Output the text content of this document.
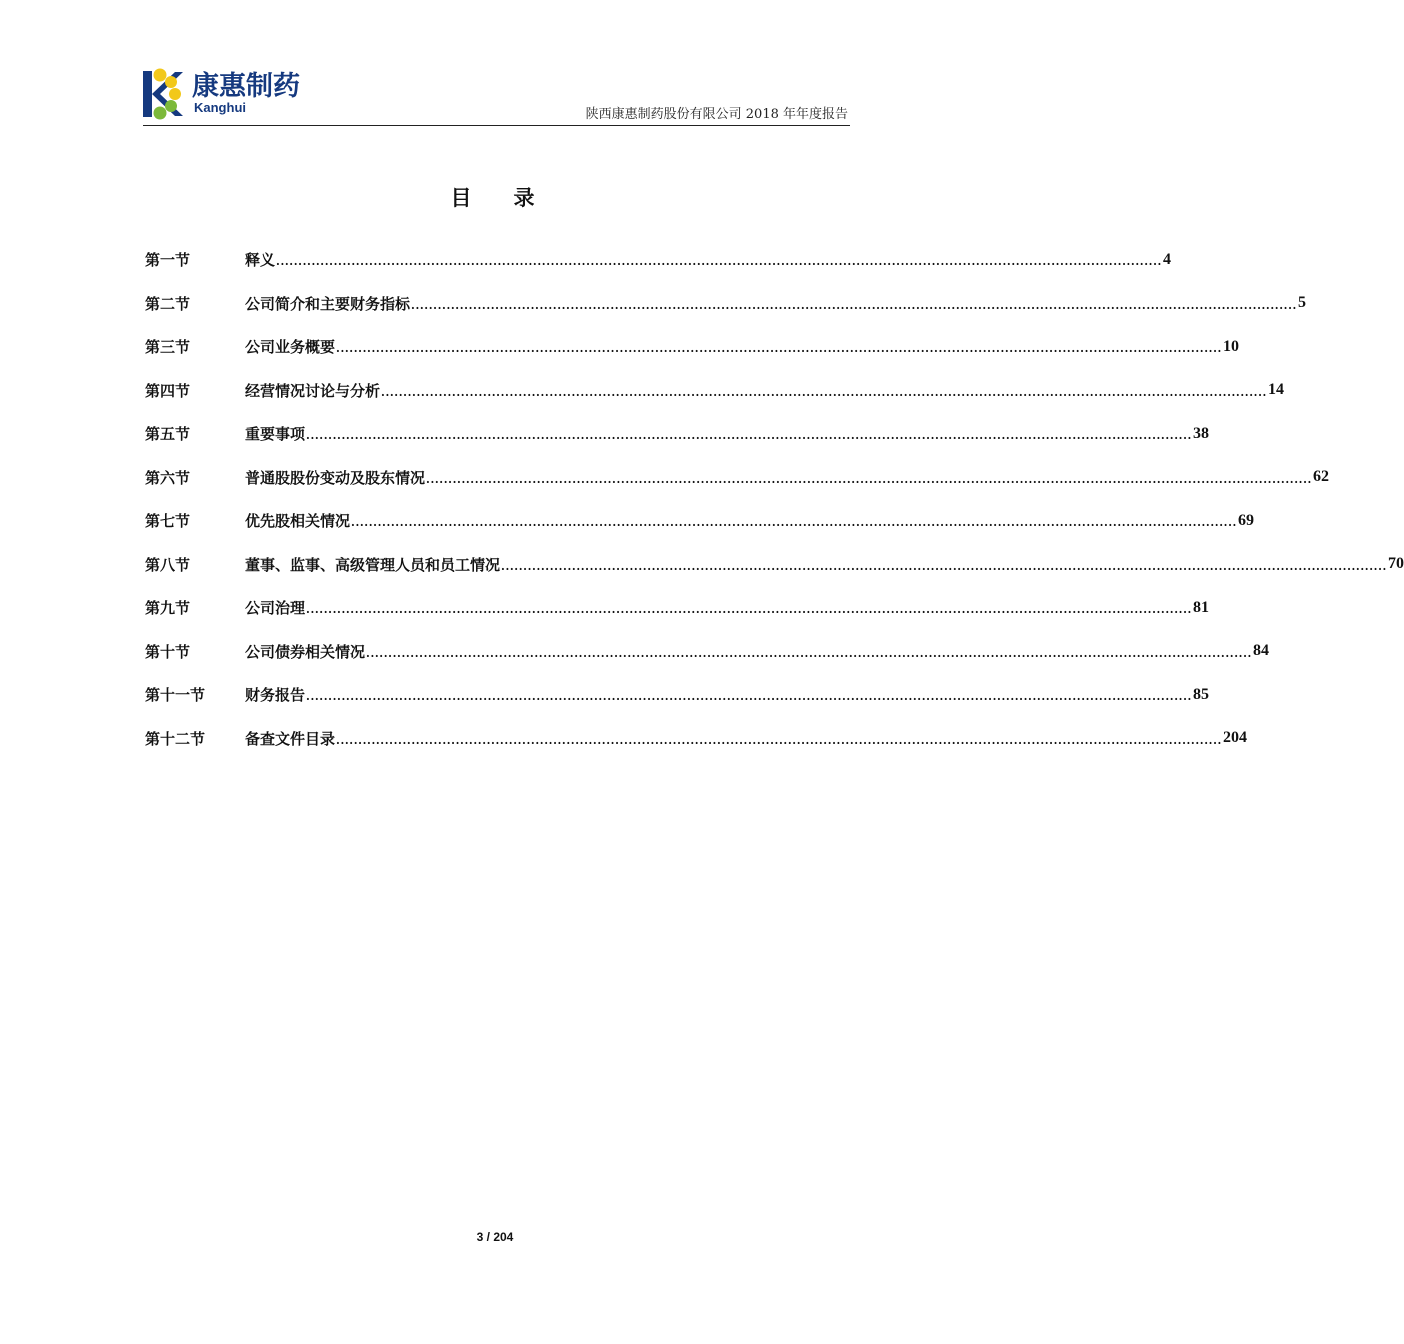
康惠制药
Kanghui	陕西康惠制药股份有限公司 2018 年年度报告
目 录
第一节	释义 ........................................................................................................................................................................................................ 4
第二节	公司简介和主要财务指标 ........................................................................................................................................................................................................ 5
第三节	公司业务概要 ........................................................................................................................................................................................................ 10
第四节	经营情况讨论与分析 ........................................................................................................................................................................................................ 14
第五节	重要事项 ........................................................................................................................................................................................................ 38
第六节	普通股股份变动及股东情况 ........................................................................................................................................................................................................ 62
第七节	优先股相关情况 ........................................................................................................................................................................................................ 69
第八节	董事、监事、高级管理人员和员工情况 ........................................................................................................................................................................................................ 70
第九节	公司治理 ........................................................................................................................................................................................................ 81
第十节	公司债券相关情况 ........................................................................................................................................................................................................ 84
第十一节	财务报告 ........................................................................................................................................................................................................ 85
第十二节	备查文件目录 ........................................................................................................................................................................................................ 204
3 / 204
